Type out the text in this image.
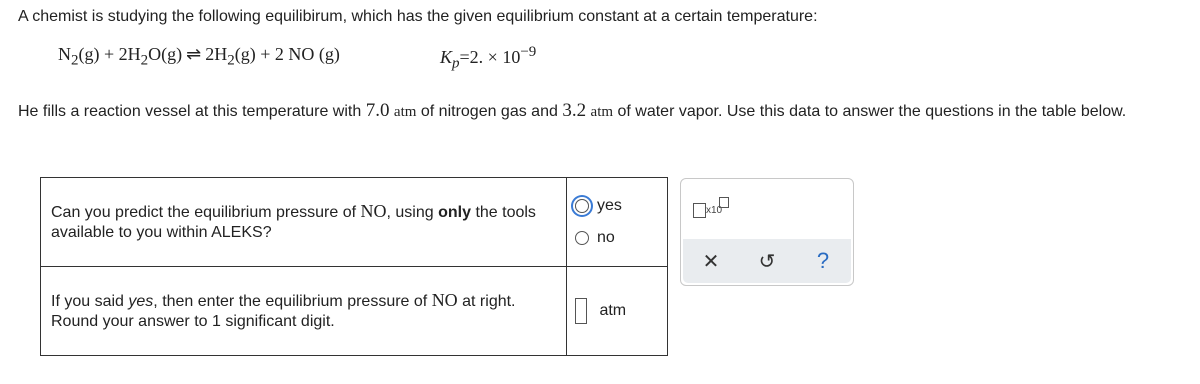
A chemist is studying the following equilibirum, which has the given equilibrium constant at a certain temperature:
$N_2(g) + 2H_2O(g)$ ⇌ $2H_2(g) + 2$ NO (g)	$K_p=2$. × $10^{-9}$
He fills a reaction vessel at this temperature with 7.0 atm of nitrogen gas and 3.2 atm of water vapor. Use this data to answer the questions in the table below.
Can you predict the equilibrium pressure of NO, using only the tools available to you within ALEKS?	yes
no

If you said yes, then enter the equilibrium pressure of NO at right. Round your answer to 1 significant digit.	atm
x10
✕ ↺ ?
